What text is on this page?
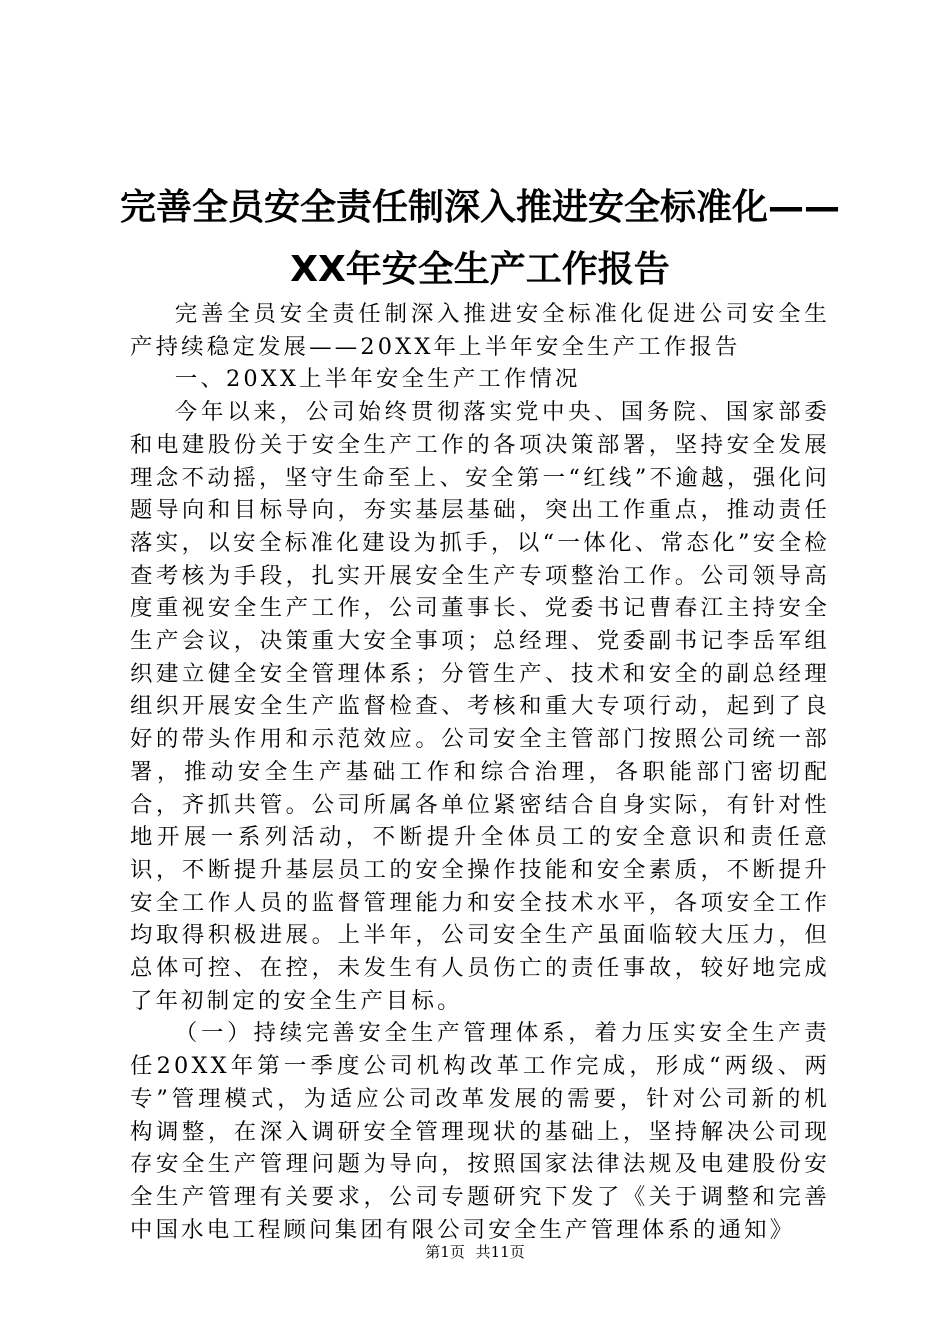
完善全员安全责任制深入推进安全标准化——
XX年安全生产工作报告

完善全员安全责任制深入推进安全标准化促进公司安全生产持续稳定发展——20XX年上半年安全生产工作报告

一、20XX上半年安全生产工作情况

今年以来，公司始终贯彻落实党中央、国务院、国家部委和电建股份关于安全生产工作的各项决策部署，坚持安全发展理念不动摇，坚守生命至上、安全第一“红线”不逾越，强化问题导向和目标导向，夯实基层基础，突出工作重点，推动责任落实，以安全标准化建设为抓手，以“一体化、常态化”安全检查考核为手段，扎实开展安全生产专项整治工作。公司领导高度重视安全生产工作，公司董事长、党委书记曹春江主持安全生产会议，决策重大安全事项；总经理、党委副书记李岳军组织建立健全安全管理体系；分管生产、技术和安全的副总经理组织开展安全生产监督检查、考核和重大专项行动，起到了良好的带头作用和示范效应。公司安全主管部门按照公司统一部署，推动安全生产基础工作和综合治理，各职能部门密切配合，齐抓共管。公司所属各单位紧密结合自身实际，有针对性地开展一系列活动，不断提升全体员工的安全意识和责任意识，不断提升基层员工的安全操作技能和安全素质，不断提升安全工作人员的监督管理能力和安全技术水平，各项安全工作均取得积极进展。上半年，公司安全生产虽面临较大压力，但总体可控、在控，未发生有人员伤亡的责任事故，较好地完成了年初制定的安全生产目标。

（一）持续完善安全生产管理体系，着力压实安全生产责任20XX年第一季度公司机构改革工作完成，形成“两级、两专”管理模式，为适应公司改革发展的需要，针对公司新的机构调整，在深入调研安全管理现状的基础上，坚持解决公司现存安全生产管理问题为导向，按照国家法律法规及电建股份安全生产管理有关要求，公司专题研究下发了《关于调整和完善中国水电工程顾问集团有限公司安全生产管理体系的通知》

第1页 共11页
